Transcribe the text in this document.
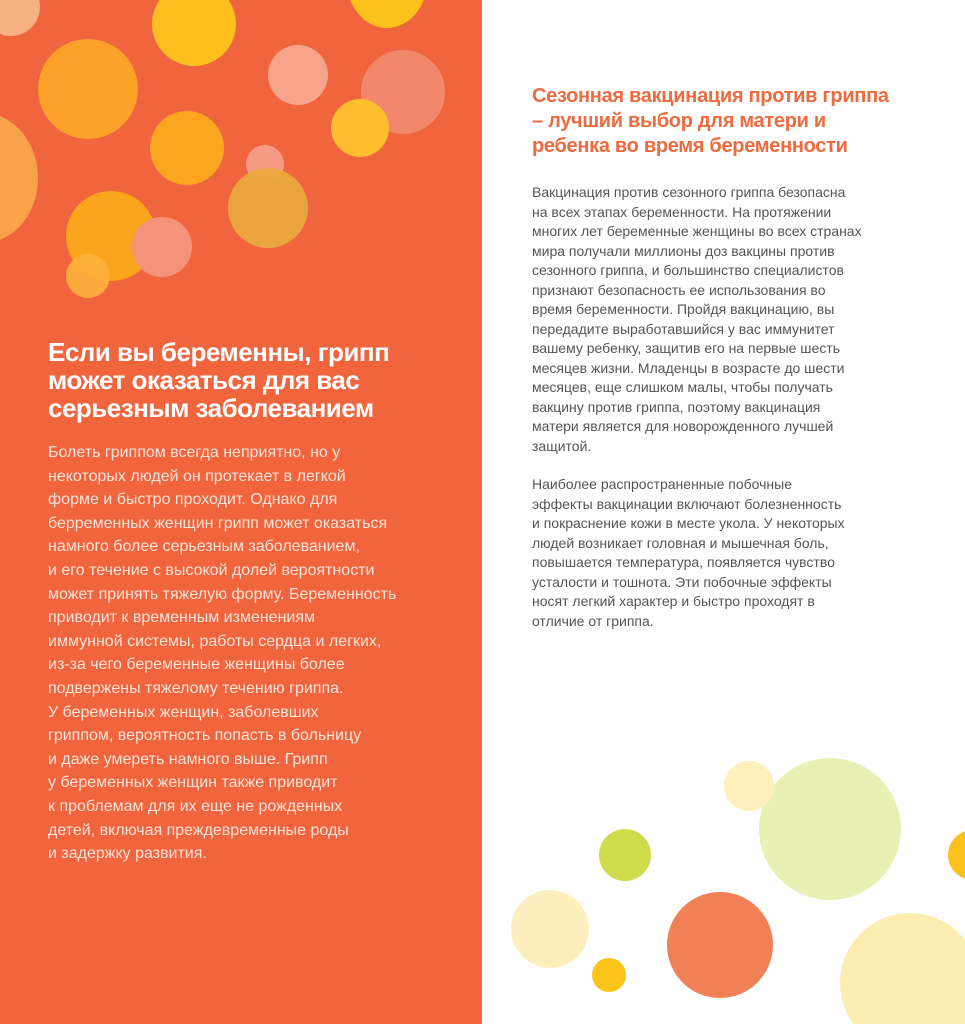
Если вы беременны, грипп
может оказаться для вас
серьезным заболеванием

Болеть гриппом всегда неприятно, но у
некоторых людей он протекает в легкой
форме и быстро проходит. Однако для
берременных женщин грипп может оказаться
намного более серьезным заболеванием,
и его течение с высокой долей вероятности
может принять тяжелую форму. Беременность
приводит к временным изменениям
иммунной системы, работы сердца и легких,
из-за чего беременные женщины более
подвержены тяжелому течению гриппа.
У беременных женщин, заболевших
гриппом, вероятность попасть в больницу
и даже умереть намного выше. Грипп
у беременных женщин также приводит
к проблемам для их еще не рожденных
детей, включая преждевременные роды
и задержку развития.

Сезонная вакцинация против гриппа
– лучший выбор для матери и
ребенка во время беременности

Вакцинация против сезонного гриппа безопасна
на всех этапах беременности. На протяжении
многих лет беременные женщины во всех странах
мира получали миллионы доз вакцины против
сезонного гриппа, и большинство специалистов
признают безопасность ее использования во
время беременности. Пройдя вакцинацию, вы
передадите выработавшийся у вас иммунитет
вашему ребенку, защитив его на первые шесть
месяцев жизни. Младенцы в возрасте до шести
месяцев, еще слишком малы, чтобы получать
вакцину против гриппа, поэтому вакцинация
матери является для новорожденного лучшей
защитой.

Наиболее распространенные побочные
эффекты вакцинации включают болезненность
и покраснение кожи в месте укола. У некоторых
людей возникает головная и мышечная боль,
повышается температура, появляется чувство
усталости и тошнота. Эти побочные эффекты
носят легкий характер и быстро проходят в
отличие от гриппа.
